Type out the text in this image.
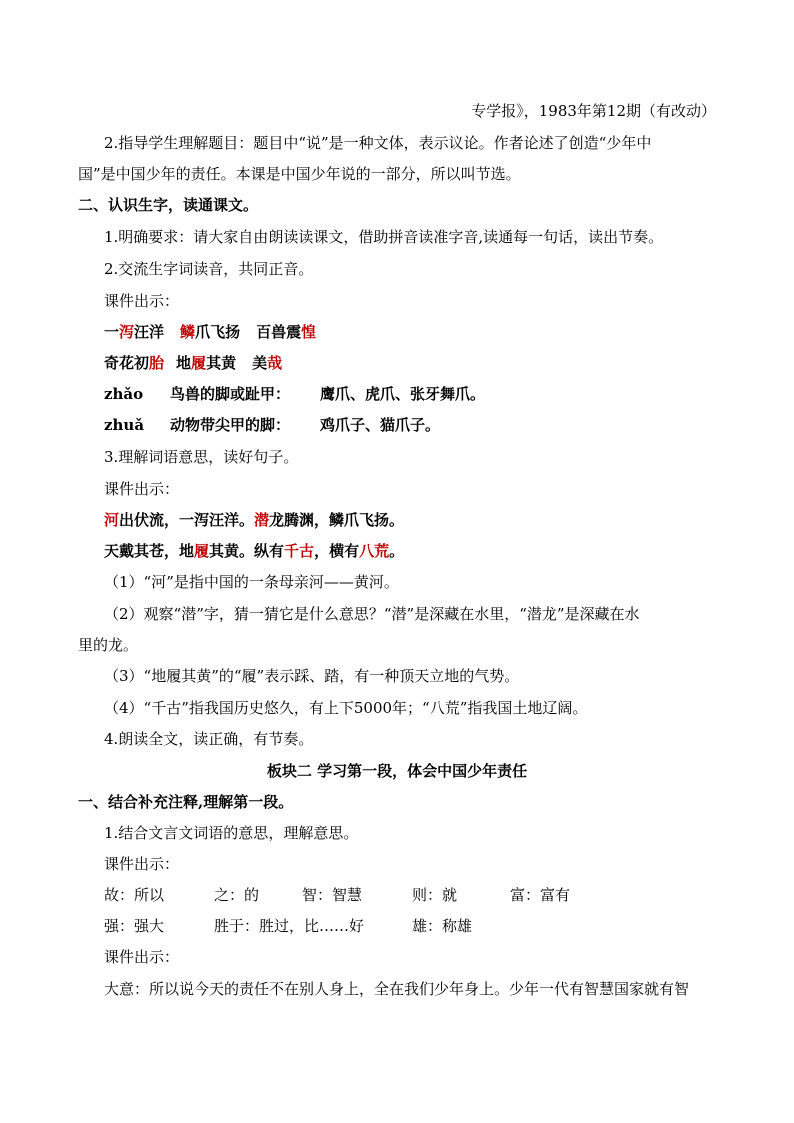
专学报》，1983年第12期（有改动）
2.指导学生理解题目：题目中“说”是一种文体，表示议论。作者论述了创造“少年中
国”是中国少年的责任。本课是中国少年说的一部分，所以叫节选。
二、认识生字，读通课文。
1.明确要求：请大家自由朗读读课文，借助拼音读准字音,读通每一句话，读出节奏。
2.交流生字词读音，共同正音。
课件出示：
一泻汪洋 鳞爪飞扬 百兽震惶
奇花初胎 地履其黄 美哉
zhǎo 鸟兽的脚或趾甲： 鹰爪、虎爪、张牙舞爪。
zhuǎ 动物带尖甲的脚： 鸡爪子、猫爪子。
3.理解词语意思，读好句子。
课件出示：
河出伏流，一泻汪洋。潜龙腾渊，鳞爪飞扬。
天戴其苍，地履其黄。纵有千古，横有八荒。
（1）“河”是指中国的一条母亲河——黄河。
（2）观察“潜”字，猜一猜它是什么意思？“潜”是深藏在水里，“潜龙”是深藏在水
里的龙。
（3）“地履其黄”的“履”表示踩、踏，有一种顶天立地的气势。
（4）“千古”指我国历史悠久，有上下5000年；“八荒”指我国土地辽阔。
4.朗读全文，读正确，有节奏。
板块二 学习第一段，体会中国少年责任
一、结合补充注释,理解第一段。
1.结合文言文词语的意思，理解意思。
课件出示：
故：所以	之：的	智：智慧	则：就	富：富有
强：强大	胜于：胜过，比……好	雄：称雄
课件出示：
大意：所以说今天的责任不在别人身上，全在我们少年身上。少年一代有智慧国家就有智
